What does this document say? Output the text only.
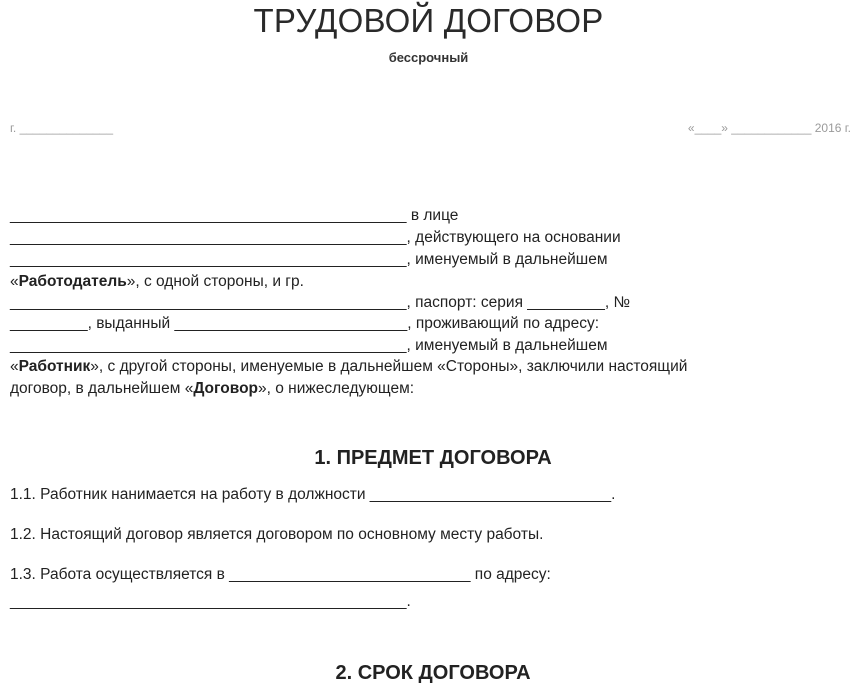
ТРУДОВОЙ ДОГОВОР
бессрочный
г. ______________	«____» ____________ 2016 г.
______________________________________________ в лице
______________________________________________, действующего на основании
______________________________________________, именуемый в дальнейшем
«Работодатель», с одной стороны, и гр.
______________________________________________, паспорт: серия _________, №
_________, выданный ___________________________, проживающий по адресу:
______________________________________________, именуемый в дальнейшем
«Работник», с другой стороны, именуемые в дальнейшем «Стороны», заключили настоящий
договор, в дальнейшем «Договор», о нижеследующем:
1. ПРЕДМЕТ ДОГОВОРА
1.1. Работник нанимается на работу в должности ____________________________.
1.2. Настоящий договор является договором по основному месту работы.
1.3. Работа осуществляется в ____________________________ по адресу:
______________________________________________.
2. СРОК ДОГОВОРА
